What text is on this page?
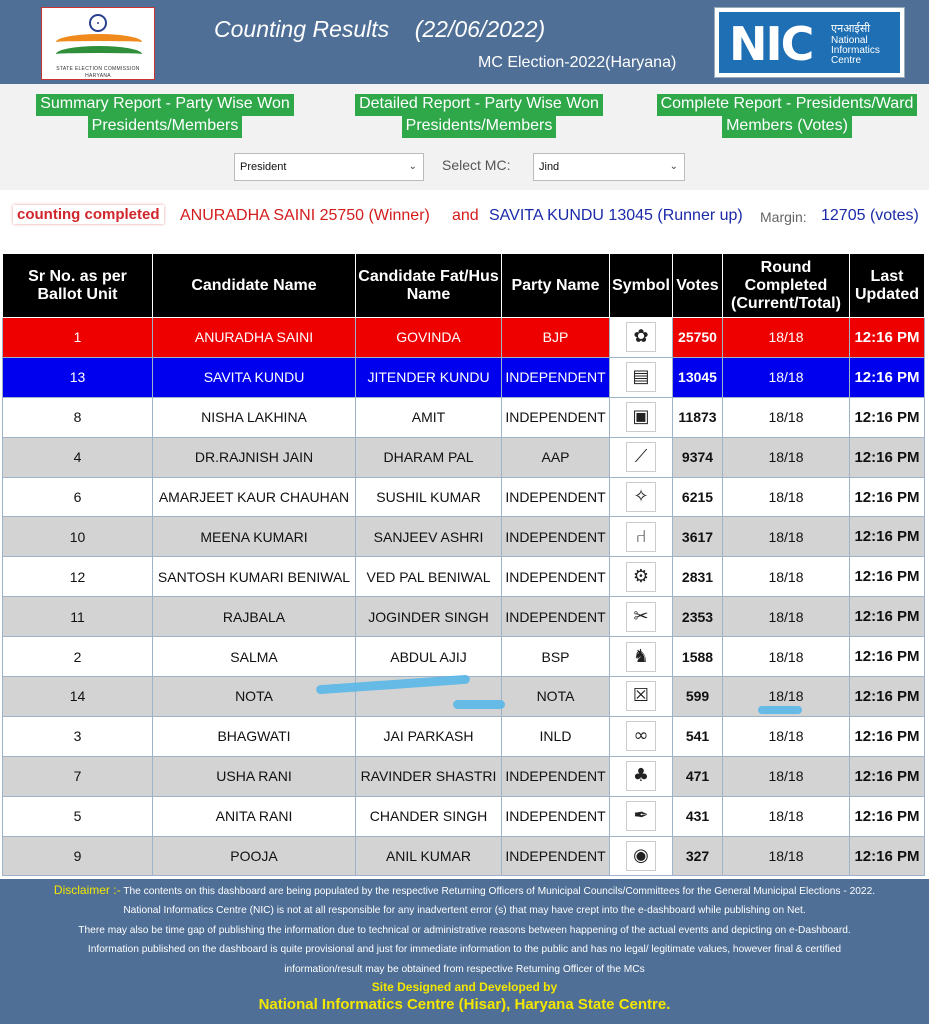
STATE ELECTION COMMISSION
HARYANA
Counting Results    (22/06/2022)
MC Election-2022(Haryana) NIC एनआईसी
National Informatics Centre
Summary Report - Party Wise Won
Presidents/Members
Detailed Report - Party Wise Won
Presidents/Members
Complete Report - Presidents/Ward
Members (Votes)
President	⌄ Select MC:	Jind	⌄
counting completed ANURADHA SAINI 25750 (Winner) and SAVITA KUNDU 13045 (Runner up) Margin: 12705 (votes)
Sr No. as per Ballot Unit	Candidate Name	Candidate Fat/Hus Name	Party Name	Symbol	Votes	Round Completed (Current/Total)	Last Updated
1	ANURADHA SAINI	GOVINDA	BJP	✿	25750	18/18	12:16 PM
13	SAVITA KUNDU	JITENDER KUNDU	INDEPENDENT	▤	13045	18/18	12:16 PM
8	NISHA LAKHINA	AMIT	INDEPENDENT	▣	11873	18/18	12:16 PM
4	DR.RAJNISH JAIN	DHARAM PAL	AAP	⟋	9374	18/18	12:16 PM
6	AMARJEET KAUR CHAUHAN	SUSHIL KUMAR	INDEPENDENT	✧	6215	18/18	12:16 PM
10	MEENA KUMARI	SANJEEV ASHRI	INDEPENDENT	⑁	3617	18/18	12:16 PM
12	SANTOSH KUMARI BENIWAL	VED PAL BENIWAL	INDEPENDENT	⚙	2831	18/18	12:16 PM
11	RAJBALA	JOGINDER SINGH	INDEPENDENT	✂	2353	18/18	12:16 PM
2	SALMA	ABDUL AJIJ	BSP	♞	1588	18/18	12:16 PM
14	NOTA		NOTA	☒	599	18/18	12:16 PM
3	BHAGWATI	JAI PARKASH	INLD	∞	541	18/18	12:16 PM
7	USHA RANI	RAVINDER SHASTRI	INDEPENDENT	♣	471	18/18	12:16 PM
5	ANITA RANI	CHANDER SINGH	INDEPENDENT	✒	431	18/18	12:16 PM
9	POOJA	ANIL KUMAR	INDEPENDENT	◉	327	18/18	12:16 PM
Disclaimer :- The contents on this dashboard are being populated by the respective Returning Officers of Municipal Councils/Committees for the General Municipal Elections - 2022.
National Informatics Centre (NIC) is not at all responsible for any inadvertent error (s) that may have crept into the e-dashboard while publishing on Net.
There may also be time gap of publishing the information due to technical or administrative reasons between happening of the actual events and depicting on e-Dashboard.
Information published on the dashboard is quite provisional and just for immediate information to the public and has no legal/ legitimate values, however final & certified
information/result may be obtained from respective Returning Officer of the MCs
Site Designed and Developed by
National Informatics Centre (Hisar), Haryana State Centre.
